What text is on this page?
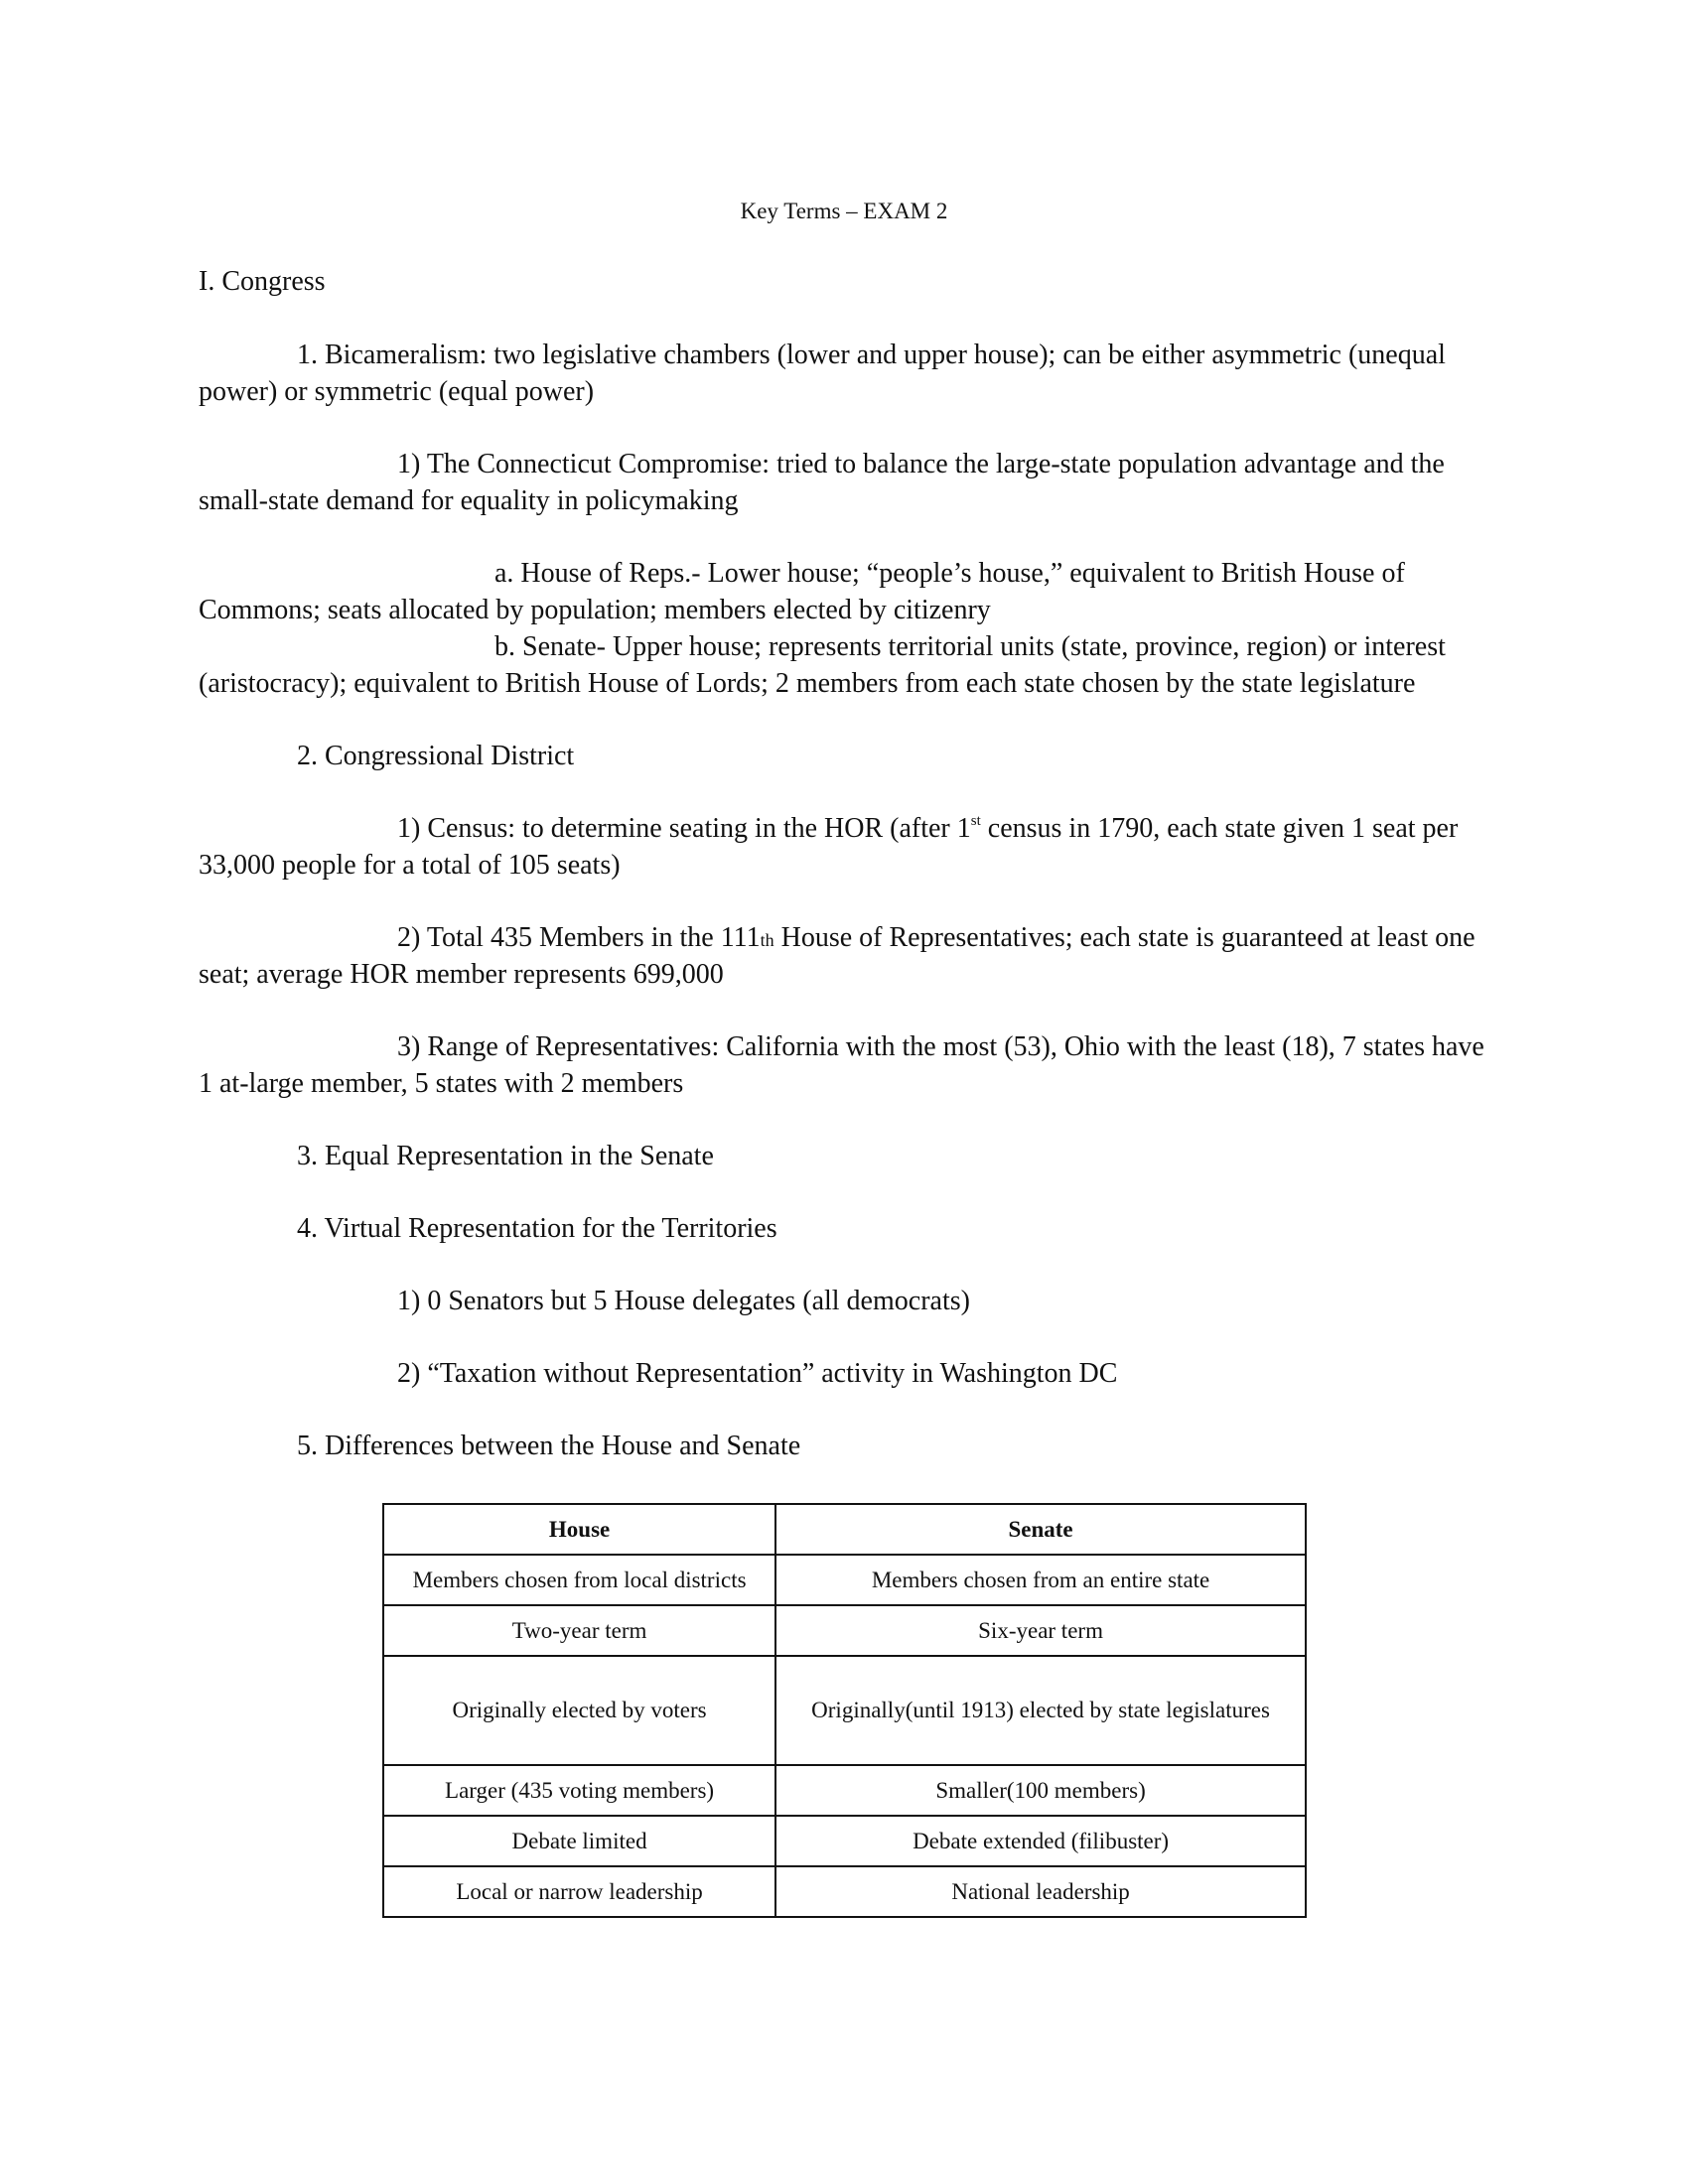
Key Terms – EXAM 2

I. Congress

1. Bicameralism: two legislative chambers (lower and upper house); can be either asymmetric (unequal power) or symmetric (equal power)

1) The Connecticut Compromise: tried to balance the large-state population advantage and the small-state demand for equality in policymaking

a. House of Reps.- Lower house; “people’s house,” equivalent to British House of Commons; seats allocated by population; members elected by citizenry

b. Senate- Upper house; represents territorial units (state, province, region) or interest (aristocracy); equivalent to British House of Lords; 2 members from each state chosen by the state legislature

2. Congressional District

1) Census: to determine seating in the HOR (after 1st census in 1790, each state given 1 seat per 33,000 people for a total of 105 seats)

2) Total 435 Members in the 111th House of Representatives; each state is guaranteed at least one seat; average HOR member represents 699,000

3) Range of Representatives: California with the most (53), Ohio with the least (18), 7 states have 1 at-large member, 5 states with 2 members

3. Equal Representation in the Senate

4. Virtual Representation for the Territories

1) 0 Senators but 5 House delegates (all democrats)

2) “Taxation without Representation” activity in Washington DC

5. Differences between the House and Senate

House	Senate
Members chosen from local districts	Members chosen from an entire state
Two-year term	Six-year term
Originally elected by voters	Originally(until 1913) elected by state legislatures
Larger (435 voting members)	Smaller(100 members)
Debate limited	Debate extended (filibuster)
Local or narrow leadership	National leadership
